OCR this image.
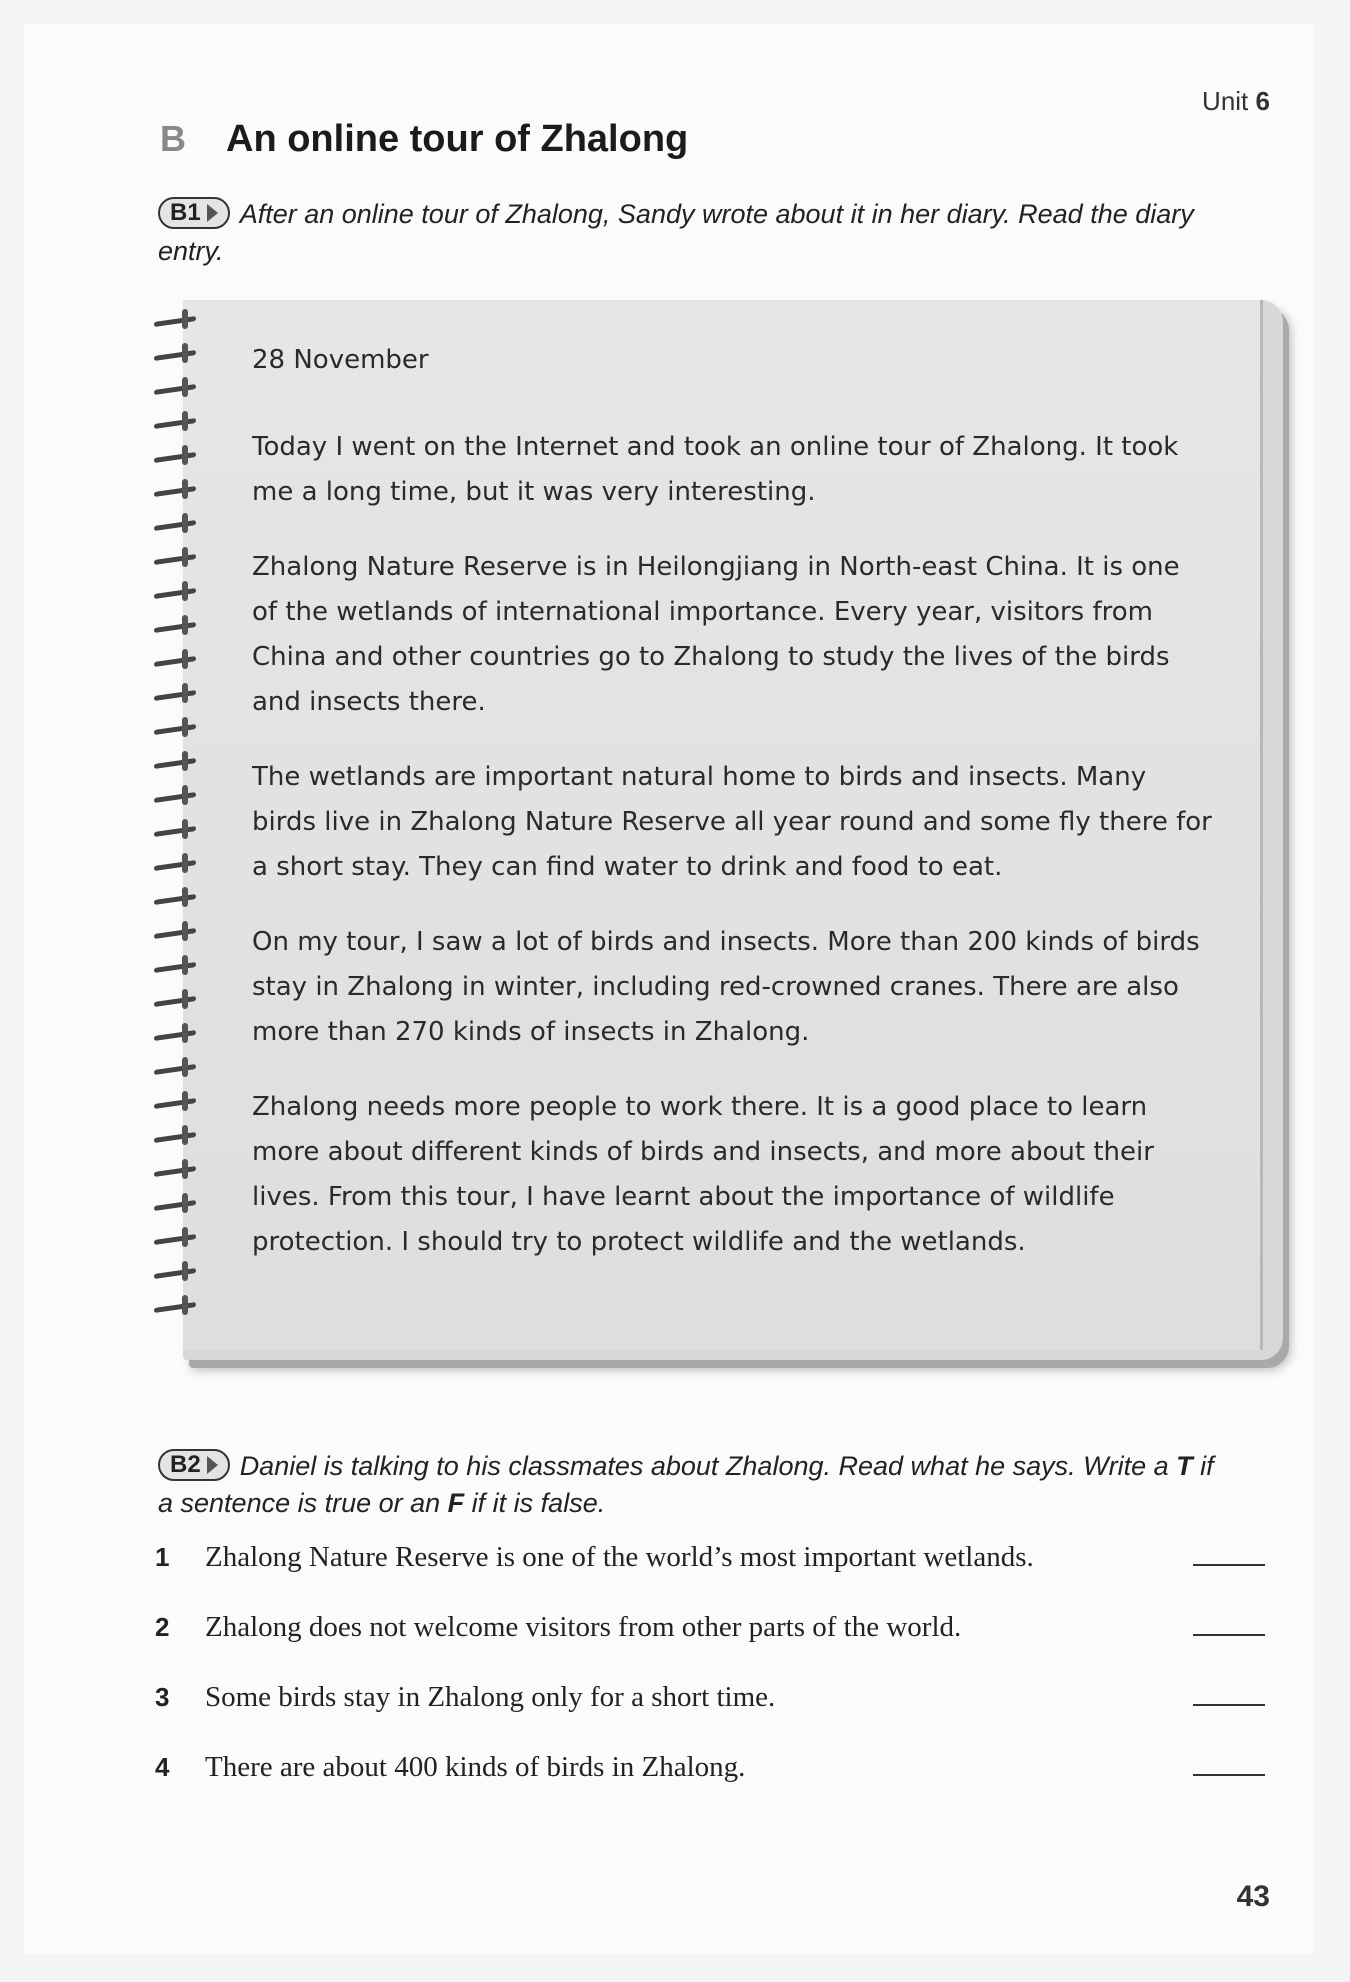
Unit 6
B An online tour of Zhalong
B1 After an online tour of Zhalong, Sandy wrote about it in her diary. Read the diary entry.
28 November

Today I went on the Internet and took an online tour of Zhalong. It took me a long time, but it was very interesting.

Zhalong Nature Reserve is in Heilongjiang in North-east China. It is one of the wetlands of international importance. Every year, visitors from China and other countries go to Zhalong to study the lives of the birds and insects there.

The wetlands are important natural home to birds and insects. Many birds live in Zhalong Nature Reserve all year round and some fly there for a short stay. They can find water to drink and food to eat.

On my tour, I saw a lot of birds and insects. More than 200 kinds of birds stay in Zhalong in winter, including red-crowned cranes. There are also more than 270 kinds of insects in Zhalong.

Zhalong needs more people to work there. It is a good place to learn more about different kinds of birds and insects, and more about their lives. From this tour, I have learnt about the importance of wildlife protection. I should try to protect wildlife and the wetlands.

B2 Daniel is talking to his classmates about Zhalong. Read what he says. Write a T if a sentence is true or an F if it is false.
1	Zhalong Nature Reserve is one of the world’s most important wetlands.
2	Zhalong does not welcome visitors from other parts of the world.
3	Some birds stay in Zhalong only for a short time.
4	There are about 400 kinds of birds in Zhalong.
43
